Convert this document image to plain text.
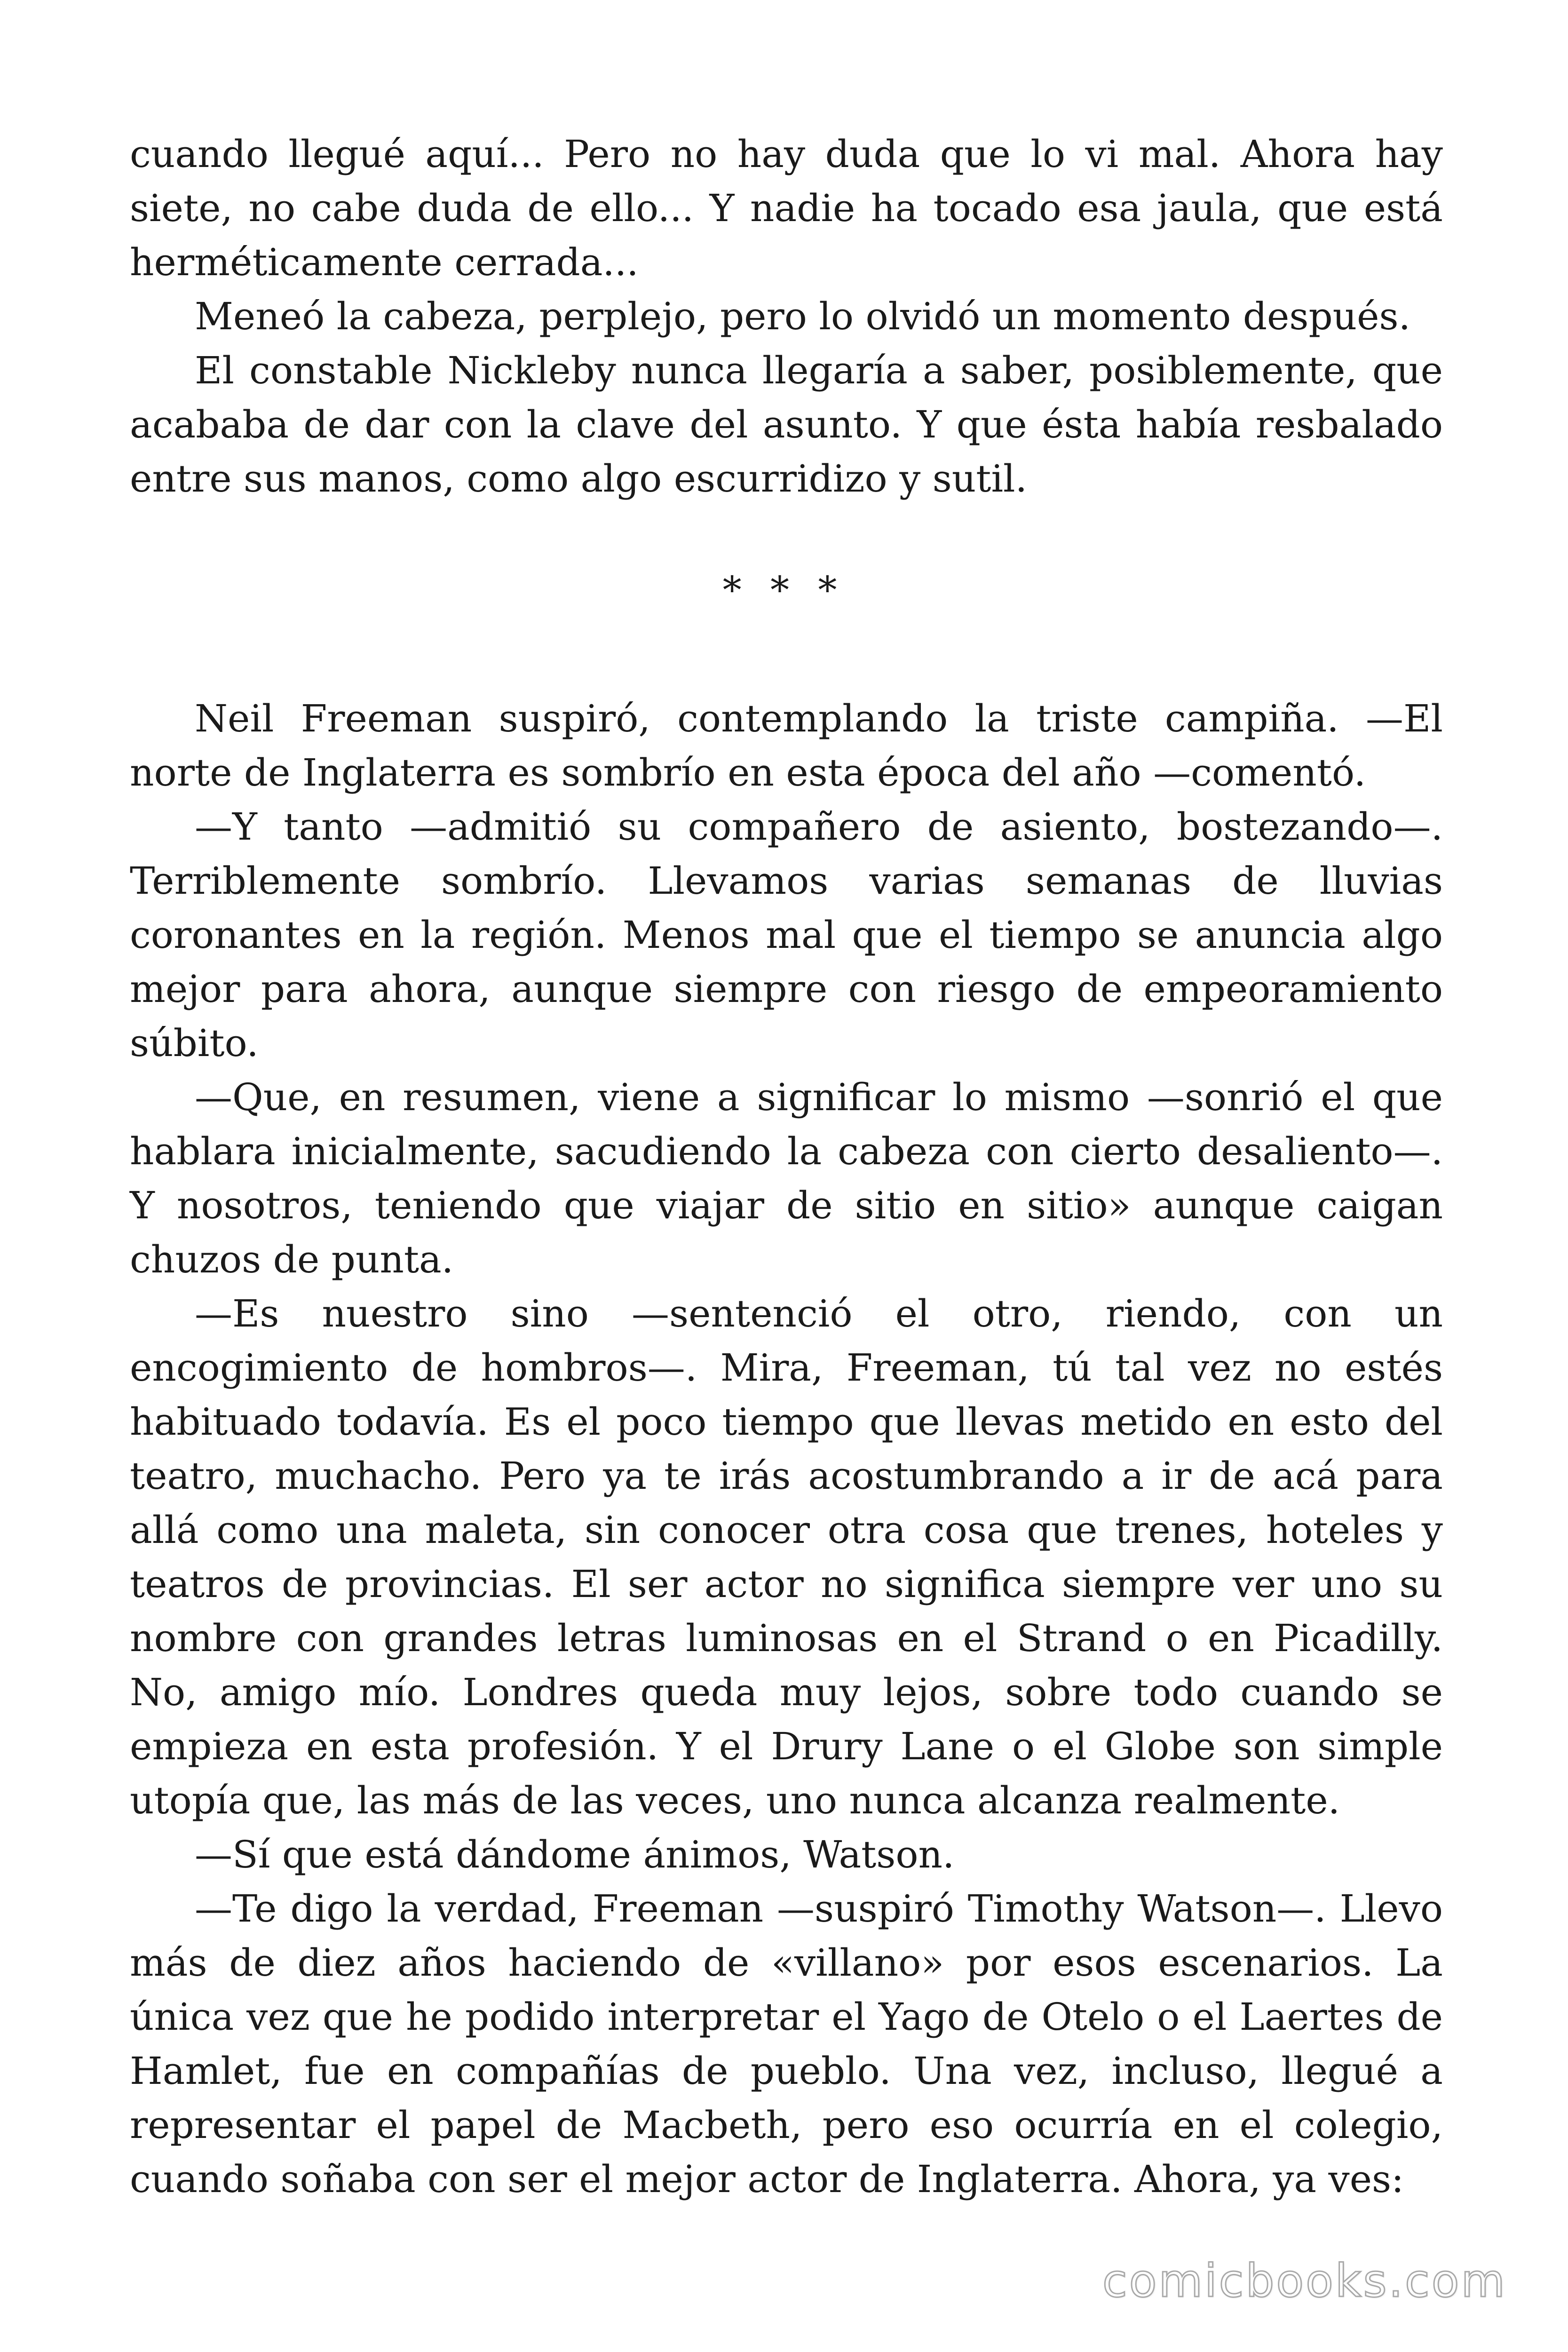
cuando llegué aquí... Pero no hay duda que lo vi mal. Ahora hay siete, no cabe duda de ello... Y nadie ha tocado esa jaula, que está herméticamente cerrada...

Meneó la cabeza, perplejo, pero lo olvidó un momento después.

El constable Nickleby nunca llegaría a saber, posiblemente, que acababa de dar con la clave del asunto. Y que ésta había resbalado entre sus manos, como algo escurridizo y sutil.

* * *

Neil Freeman suspiró, contemplando la triste campiña. —El norte de Inglaterra es sombrío en esta época del año —comentó.

—Y tanto —admitió su compañero de asiento, bostezando—. Terriblemente sombrío. Llevamos varias semanas de lluvias coronantes en la región. Menos mal que el tiempo se anuncia algo mejor para ahora, aunque siempre con riesgo de empeoramiento súbito.

—Que, en resumen, viene a significar lo mismo —sonrió el que hablara inicialmente, sacudiendo la cabeza con cierto desaliento—. Y nosotros, teniendo que viajar de sitio en sitio» aunque caigan chuzos de punta.

—Es nuestro sino —sentenció el otro, riendo, con un encogimiento de hombros—. Mira, Freeman, tú tal vez no estés habituado todavía. Es el poco tiempo que llevas metido en esto del teatro, muchacho. Pero ya te irás acostumbrando a ir de acá para allá como una maleta, sin conocer otra cosa que trenes, hoteles y teatros de provincias. El ser actor no significa siempre ver uno su nombre con grandes letras luminosas en el Strand o en Picadilly. No, amigo mío. Londres queda muy lejos, sobre todo cuando se empieza en esta profesión. Y el Drury Lane o el Globe son simple utopía que, las más de las veces, uno nunca alcanza realmente.

—Sí que está dándome ánimos, Watson.

—Te digo la verdad, Freeman —suspiró Timothy Watson—. Llevo más de diez años haciendo de «villano» por esos escenarios. La única vez que he podido interpretar el Yago de Otelo o el Laertes de Hamlet, fue en compañías de pueblo. Una vez, incluso, llegué a representar el papel de Macbeth, pero eso ocurría en el colegio, cuando soñaba con ser el mejor actor de Inglaterra. Ahora, ya ves:

comicbooks.com
